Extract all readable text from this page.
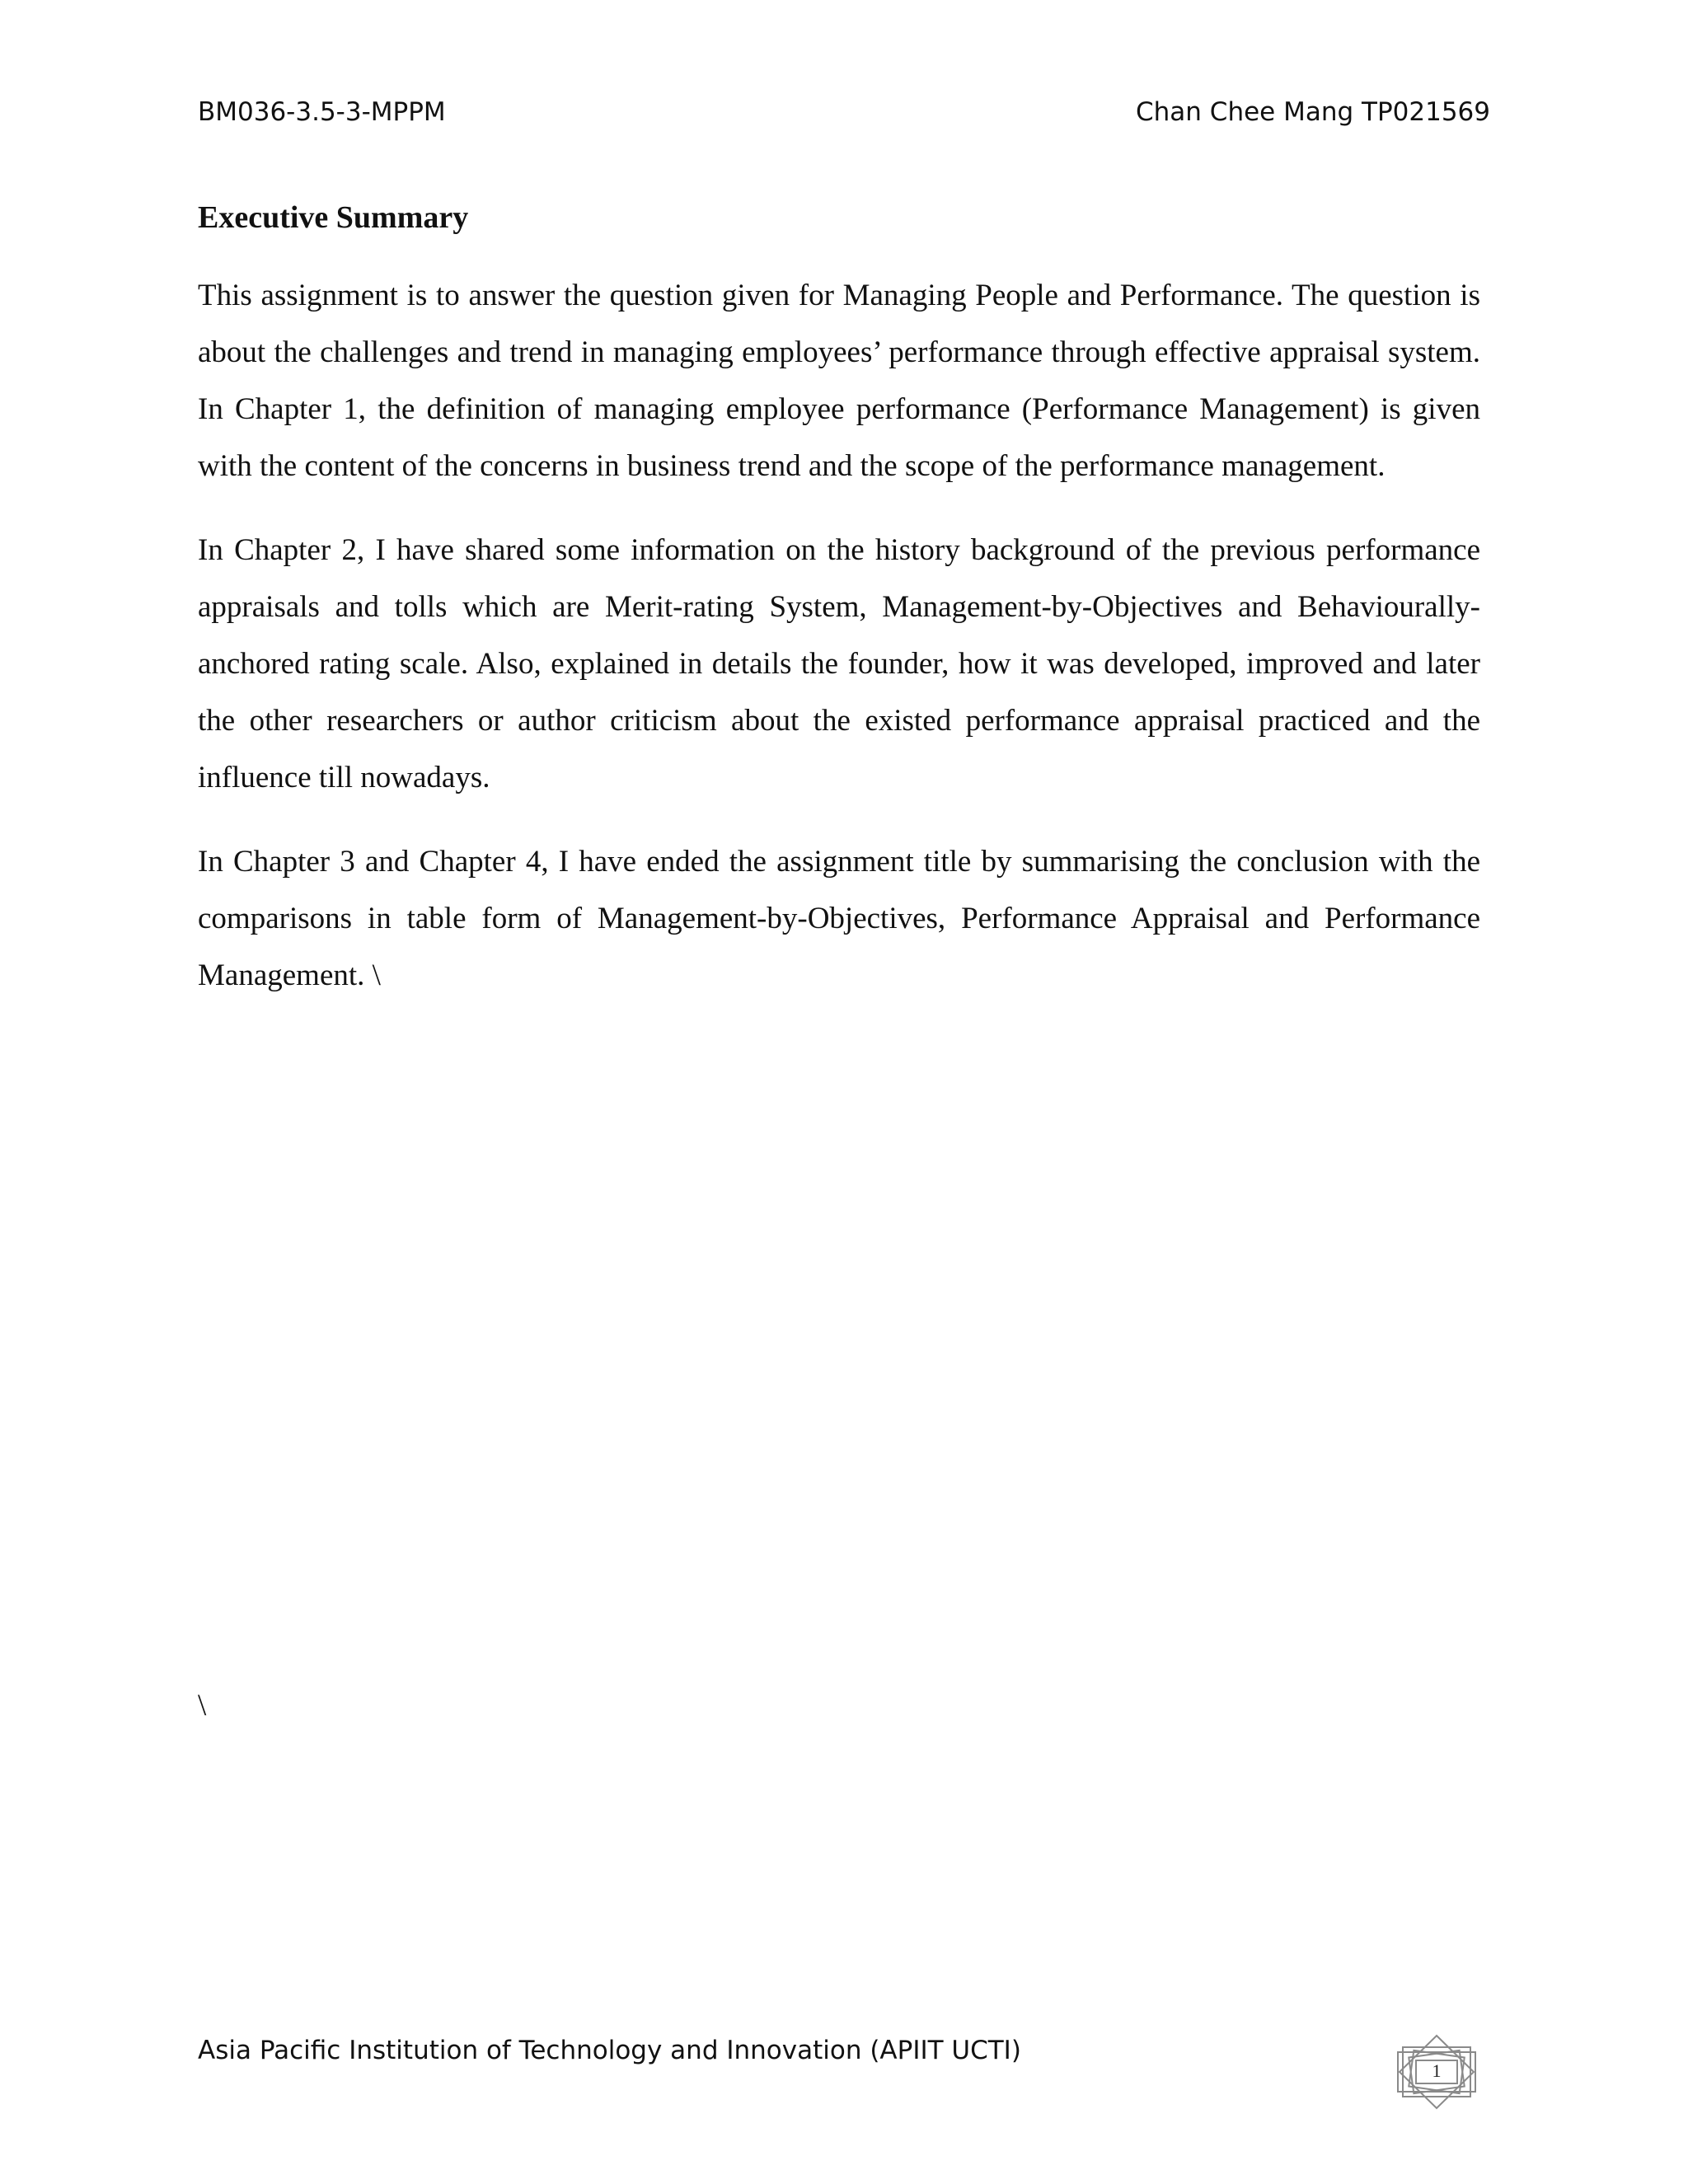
BM036-3.5-3-MPPM	Chan Chee Mang TP021569
Executive Summary

This assignment is to answer the question given for Managing People and Performance. The question is about the challenges and trend in managing employees’ performance through effective appraisal system. In Chapter 1, the definition of managing employee performance (Performance Management) is given with the content of the concerns in business trend and the scope of the performance management.

In Chapter 2, I have shared some information on the history background of the previous performance appraisals and tolls which are Merit-rating System, Management-by-Objectives and Behaviourally-anchored rating scale. Also, explained in details the founder, how it was developed, improved and later the other researchers or author criticism about the existed performance appraisal practiced and the influence till nowadays.

In Chapter 3 and Chapter 4, I have ended the assignment title by summarising the conclusion with the comparisons in table form of Management-by-Objectives, Performance Appraisal and Performance Management. \

\
Asia Pacific Institution of Technology and Innovation (APIIT UCTI)
1
